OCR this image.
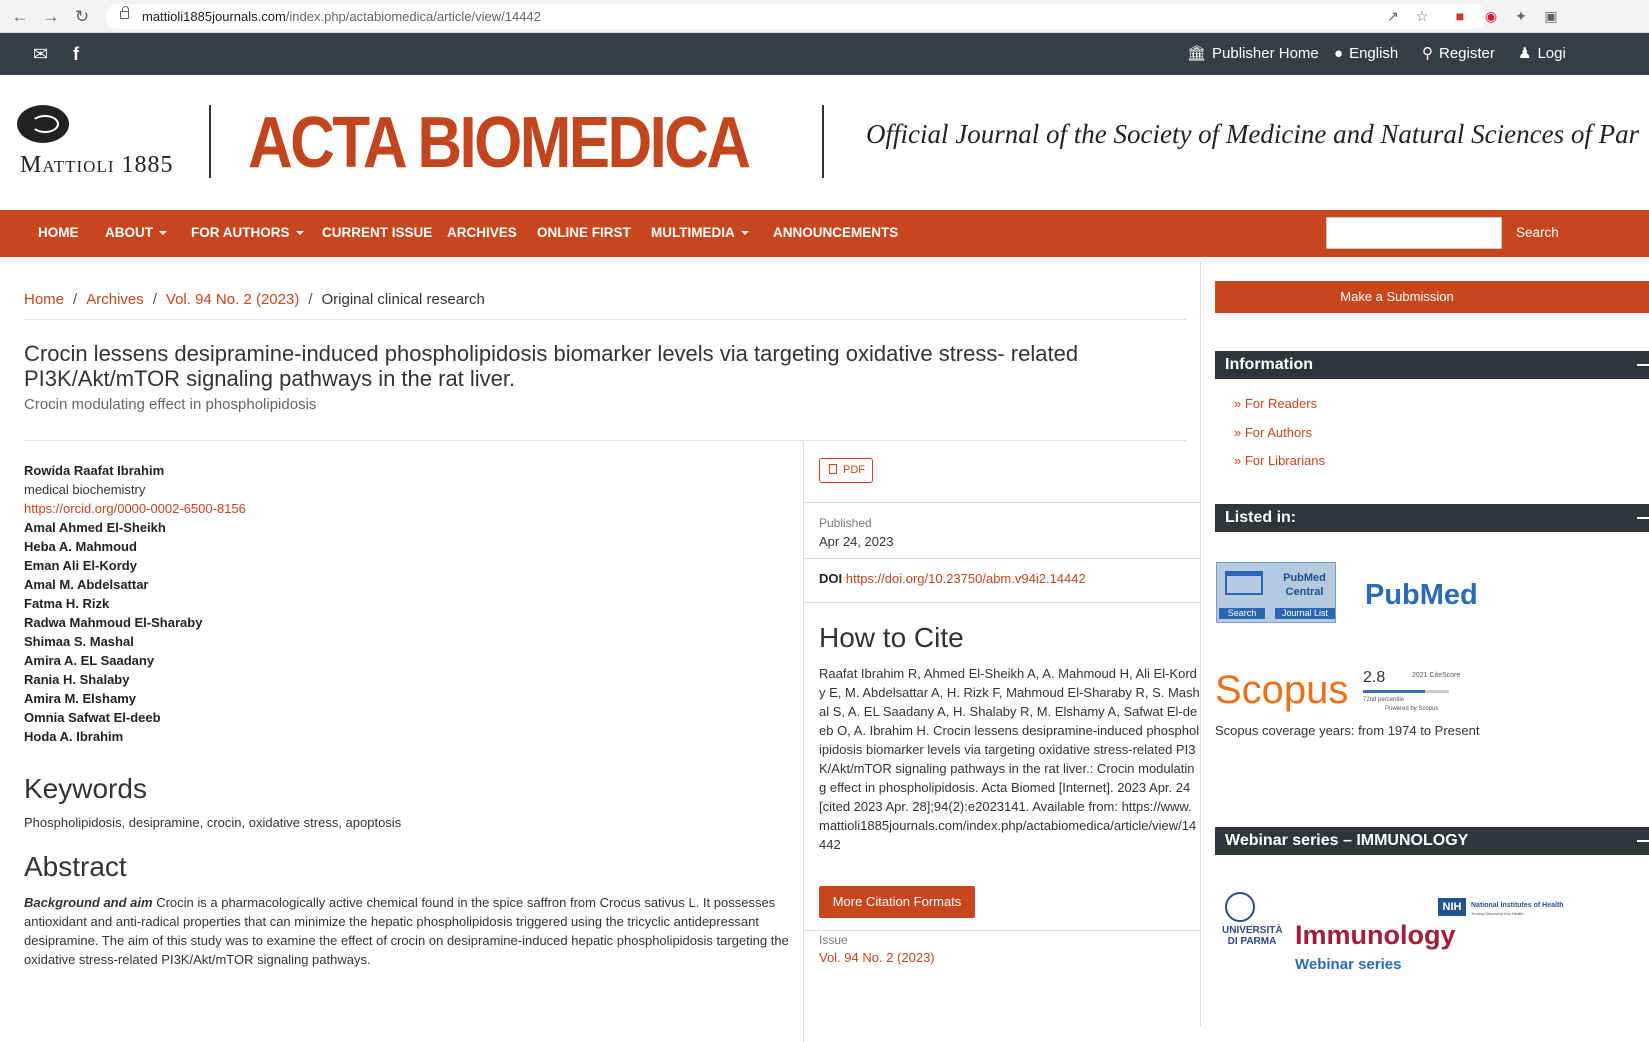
← → ↻	mattioli1885journals.com/index.php/actabiomedica/article/view/14442	↗ ☆	■	◉ ✦ ▣
✉ f	🏛 Publisher Home ● English ⚲ Register ♟ Logi
Mattioli 1885 ACTA BIOMEDICA	Official Journal of the Society of Medicine and Natural Sciences of Par
HOME ABOUT	FOR AUTHORS	CURRENT ISSUE ARCHIVES ONLINE FIRST MULTIMEDIA	ANNOUNCEMENTS	Search
Home / Archives / Vol. 94 No. 2 (2023) / Original clinical research
Crocin lessens desipramine-induced phospholipidosis biomarker levels via targeting oxidative stress- related PI3K/Akt/mTOR signaling pathways in the rat liver.
Crocin modulating effect in phospholipidosis
Rowida Raafat Ibrahim
medical biochemistry
https://orcid.org/0000-0002-6500-8156
Amal Ahmed El-Sheikh
Heba A. Mahmoud
Eman Ali El-Kordy
Amal M. Abdelsattar
Fatma H. Rizk
Radwa Mahmoud El-Sharaby
Shimaa S. Mashal
Amira A. EL Saadany
Rania H. Shalaby
Amira M. Elshamy
Omnia Safwat El-deeb
Hoda A. Ibrahim
Keywords
Phospholipidosis, desipramine, crocin, oxidative stress, apoptosis
Abstract
Background and aim Crocin is a pharmacologically active chemical found in the spice saffron from Crocus sativus L. It possesses antioxidant and anti-radical properties that can minimize the hepatic phospholipidosis triggered using the tricyclic antidepressant desipramine. The aim of this study was to examine the effect of crocin on desipramine-induced hepatic phospholipidosis targeting the oxidative stress-related PI3K/Akt/mTOR signaling pathways.
PDF
Published
Apr 24, 2023
DOI https://doi.org/10.23750/abm.v94i2.14442
How to Cite
Raafat Ibrahim R, Ahmed El-Sheikh A, A. Mahmoud H, Ali El-Kordy E, M. Abdelsattar A, H. Rizk F, Mahmoud El-Sharaby R, S. Mashal S, A. EL Saadany A, H. Shalaby R, M. Elshamy A, Safwat El-deeb O, A. Ibrahim H. Crocin lessens desipramine-induced phospholipidosis biomarker levels via targeting oxidative stress-related PI3K/Akt/mTOR signaling pathways in the rat liver.: Crocin modulating effect in phospholipidosis. Acta Biomed [Internet]. 2023 Apr. 24 [cited 2023 Apr. 28];94(2):e2023141. Available from: https://www.mattioli1885journals.com/index.php/actabiomedica/article/view/14442
More Citation Formats
Issue
Vol. 94 No. 2 (2023)
Make a Submission
Information
» For Readers
» For Authors
» For Librarians
Listed in:
PubMed Central
Search	Journal List
PubMed
Scopus 2.8	2021 CiteScore
72nd percentile
Powered by Scopus
Scopus coverage years: from 1974 to Present
Webinar series – IMMUNOLOGY
UNIVERSITÀ DI PARMA Immunology
Webinar series
NIH	National Institutes of Health
Turning Discovery Into Health
